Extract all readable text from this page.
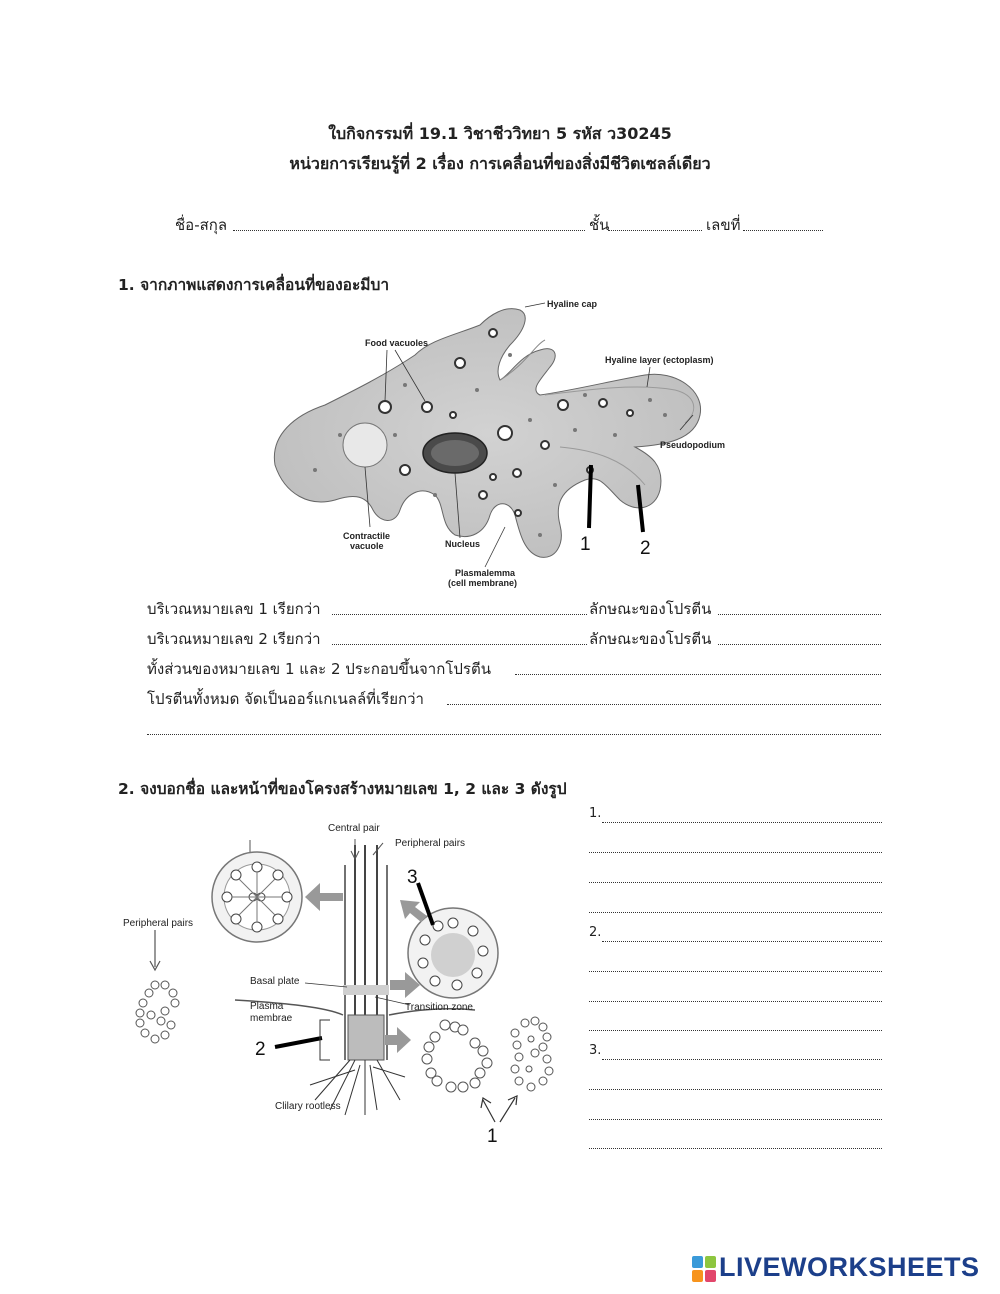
ใบกิจกรรมที่ 19.1 วิชาชีววิทยา 5 รหัส ว30245
หน่วยการเรียนรู้ที่ 2 เรื่อง การเคลื่อนที่ของสิ่งมีชีวิตเซลล์เดียว
ชื่อ-สกุล	ชั้น	เลขที่
1. จากภาพแสดงการเคลื่อนที่ของอะมีบา
Hyaline cap
Food vacuoles
Hyaline layer (ectoplasm)
Pseudopodium
Contractile
vacuole	Nucleus
Plasmalemma
(cell membrane)
1	2
บริเวณหมายเลข 1 เรียกว่า	ลักษณะของโปรตีน
บริเวณหมายเลข 2 เรียกว่า	ลักษณะของโปรตีน
ทั้งส่วนของหมายเลข 1 และ 2 ประกอบขึ้นจากโปรตีน
โปรตีนทั้งหมด จัดเป็นออร์แกเนลล์ที่เรียกว่า
2. จงบอกชื่อ และหน้าที่ของโครงสร้างหมายเลข 1, 2 และ 3 ดังรูป
Central pair
Peripheral pairs
Peripheral pairs
Basal plate
Plasma
membrae
Transition zone
Clilary rootless
1
2
3
1.
2.
3.
LIVEWORKSHEETS
